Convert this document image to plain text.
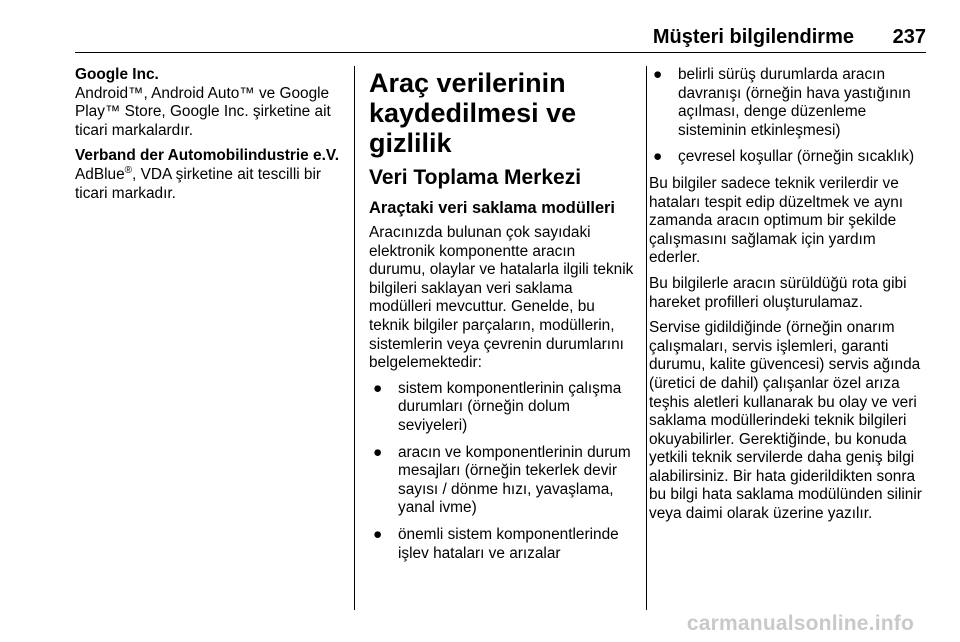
Müşteri bilgilendirme 237

Google Inc.
Android™, Android Auto™ ve Google Play™ Store, Google Inc. şirketine ait ticari markalardır.

Verband der Automobilindustrie e.V.
AdBlue®, VDA şirketine ait tescilli bir ticari markadır.

Araç verilerinin kaydedilmesi ve gizlilik
Veri Toplama Merkezi
Araçtaki veri saklama modülleri

Aracınızda bulunan çok sayıdaki elektronik komponentte aracın durumu, olaylar ve hatalarla ilgili teknik bilgileri saklayan veri saklama modülleri mevcuttur. Genelde, bu teknik bilgiler parçaların, modüllerin, sistemlerin veya çevrenin durumlarını belgelemektedir:

● sistem komponentlerinin çalışma durumları (örneğin dolum seviyeleri)
● aracın ve komponentlerinin durum mesajları (örneğin tekerlek devir sayısı / dönme hızı, yavaşlama, yanal ivme)
● önemli sistem komponentlerinde işlev hataları ve arızalar
● belirli sürüş durumlarda aracın davranışı (örneğin hava yastığının açılması, denge düzenleme sisteminin etkinleşmesi)
● çevresel koşullar (örneğin sıcaklık)

Bu bilgiler sadece teknik verilerdir ve hataları tespit edip düzeltmek ve aynı zamanda aracın optimum bir şekilde çalışmasını sağlamak için yardım ederler.

Bu bilgilerle aracın sürüldüğü rota gibi hareket profilleri oluşturulamaz.

Servise gidildiğinde (örneğin onarım çalışmaları, servis işlemleri, garanti durumu, kalite güvencesi) servis ağında (üretici de dahil) çalışanlar özel arıza teşhis aletleri kullanarak bu olay ve veri saklama modüllerindeki teknik bilgileri okuyabilirler. Gerektiğinde, bu konuda yetkili teknik servilerde daha geniş bilgi alabilirsiniz. Bir hata giderildikten sonra bu bilgi hata saklama modülünden silinir veya daimi olarak üzerine yazılır.

carmanualsonline.info
